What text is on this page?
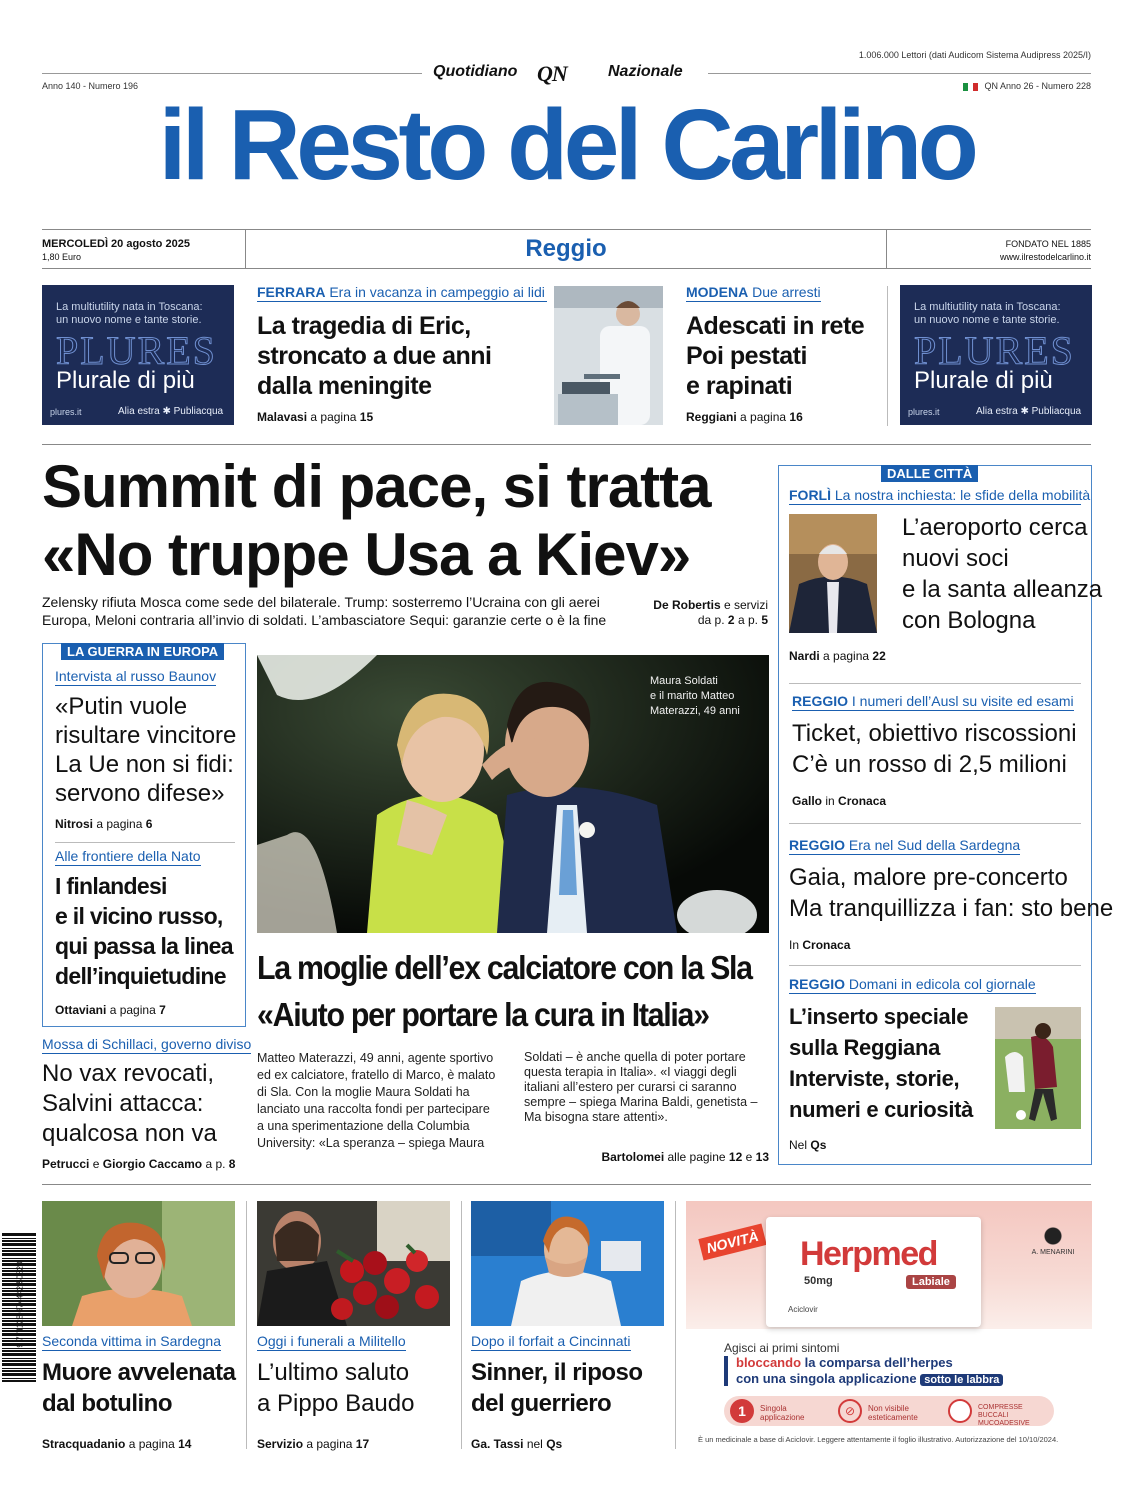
1.006.000 Lettori (dati Audicom Sistema Audipress 2025/I)
Quotidiano QN	Nazionale
Anno 140 - Numero 196	QN Anno 26 - Numero 228
il Resto del Carlino
MERCOLEDÌ 20 agosto 2025
1,80 Euro	Reggio	FONDATO NEL 1885
www.ilrestodelcarlino.it
La multiutility nata in Toscana:
un nuovo nome e tante storie.
PLURES
Plurale di più
plures.it	Alia estra ✱ Publiacqua
FERRARA Era in vacanza in campeggio ai lidi
La tragedia di Eric,
stroncato a due anni
dalla meningite
Malavasi a pagina 15
MODENA Due arresti
Adescati in rete
Poi pestati
e rapinati
Reggiani a pagina 16
La multiutility nata in Toscana:
un nuovo nome e tante storie.
PLURES
Plurale di più
plures.it	Alia estra ✱ Publiacqua
Summit di pace, si tratta
«No truppe Usa a Kiev»
Zelensky rifiuta Mosca come sede del bilaterale. Trump: sosterremo l’Ucraina con gli aerei
Europa, Meloni contraria all’invio di soldati. L’ambasciatore Sequi: garanzie certe o è la fine
De Robertis e servizi
da p. 2 a p. 5
LA GUERRA IN EUROPA
Intervista al russo Baunov
«Putin vuole
risultare vincitore
La Ue non si fidi:
servono difese»
Nitrosi a pagina 6
Alle frontiere della Nato
I finlandesi
e il vicino russo,
qui passa la linea
dell’inquietudine
Ottaviani a pagina 7
Mossa di Schillaci, governo diviso
No vax revocati,
Salvini attacca:
qualcosa non va
Petrucci e Giorgio Caccamo a p. 8
Maura Soldati
e il marito Matteo
Materazzi, 49 anni
La moglie dell’ex calciatore con la Sla
«Aiuto per portare la cura in Italia»
Matteo Materazzi, 49 anni, agente sportivo ed ex calciatore, fratello di Marco, è malato di Sla. Con la moglie Maura Soldati ha lanciato una raccolta fondi per partecipare a una sperimentazione della Columbia University: «La speranza – spiega Maura
Soldati – è anche quella di poter portare questa terapia in Italia». «I viaggi degli italiani all’estero per curarsi ci saranno sempre – spiega Marina Baldi, genetista – Ma bisogna stare attenti».
Bartolomei alle pagine 12 e 13
DALLE CITTÀ
FORLÌ La nostra inchiesta: le sfide della mobilità
L’aeroporto cerca
nuovi soci
e la santa alleanza
con Bologna
Nardi a pagina 22
REGGIO I numeri dell’Ausl su visite ed esami
Ticket, obiettivo riscossioni
C’è un rosso di 2,5 milioni
Gallo in Cronaca
REGGIO Era nel Sud della Sardegna
Gaia, malore pre-concerto
Ma tranquillizza i fan: sto bene
In Cronaca
REGGIO Domani in edicola col giornale
L’inserto speciale
sulla Reggiana
Interviste, storie,
numeri e curiosità
Nel Qs
9 771128 674442 50820 Seconda vittima in Sardegna
Muore avvelenata
dal botulino
Stracquadanio a pagina 14
Oggi i funerali a Militello
L’ultimo saluto
a Pippo Baudo
Servizio a pagina 17
Dopo il forfait a Cincinnati
Sinner, il riposo
del guerriero
Ga. Tassi nel Qs
NOVITÀ Herpmed
50mg	Labiale
Aciclovir
A. MENARINI
Agisci ai primi sintomi
bloccando la comparsa dell’herpes
con una singola applicazione sotto le labbra
1	Singola applicazione	⊘	Non visibile esteticamente
COMPRESSE BUCCALI MUCOADESIVE
È un medicinale a base di Aciclovir. Leggere attentamente il foglio illustrativo. Autorizzazione del 10/10/2024.
